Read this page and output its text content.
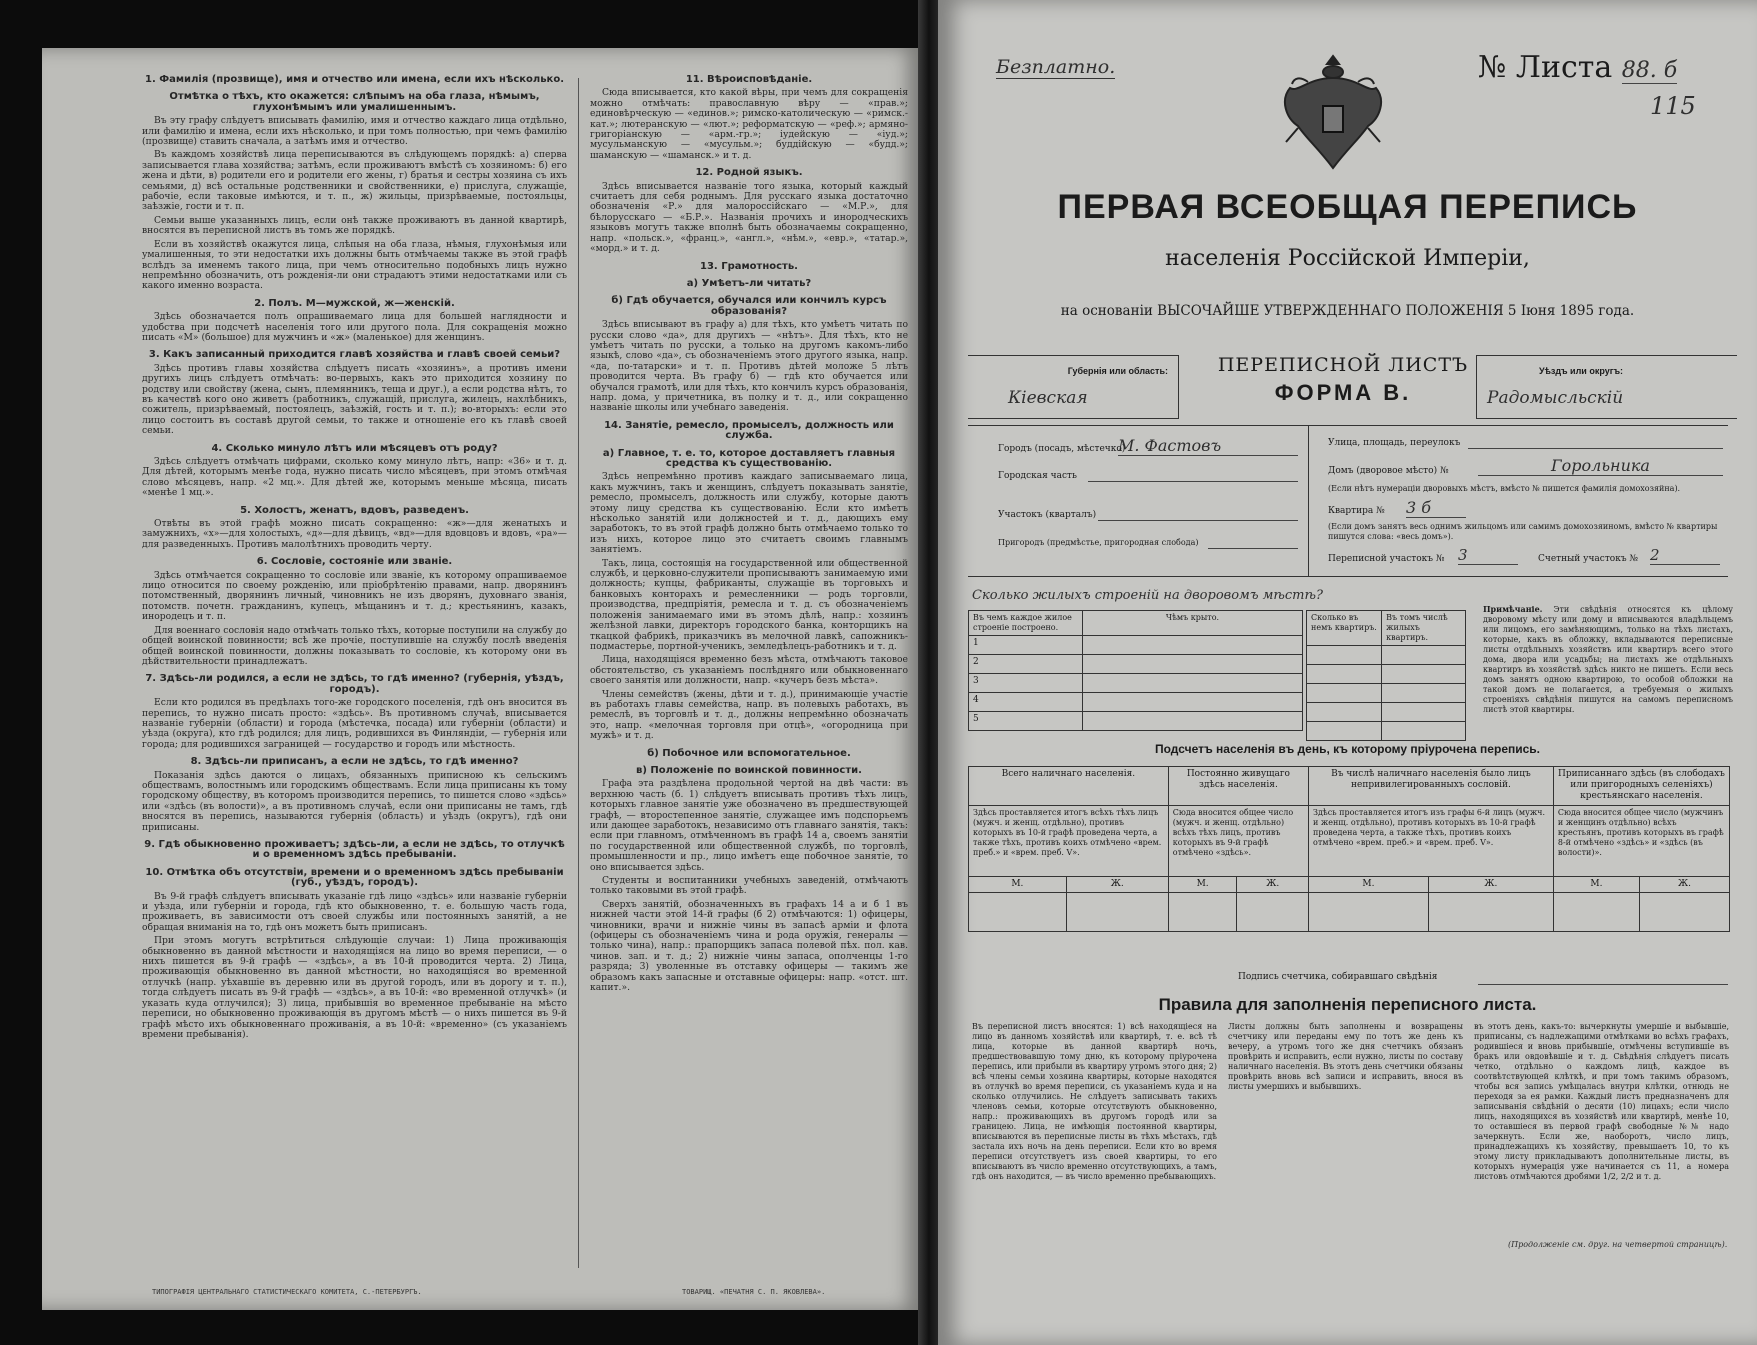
1. Фамилія (прозвище), имя и отчество или имена, если ихъ нѣсколько.
Отмѣтка о тѣхъ, кто окажется: слѣпымъ на оба глаза, нѣмымъ, глухонѣмымъ или умалишеннымъ.

Въ эту графу слѣдуетъ вписывать фамилію, имя и отчество каждаго лица отдѣльно, или фамилію и имена, если ихъ нѣсколько, и при томъ полностью, при чемъ фамилію (прозвище) ставить сначала, а затѣмъ имя и отчество.

Въ каждомъ хозяйствѣ лица переписываются въ слѣдующемъ порядкѣ: а) сперва записывается глава хозяйства; затѣмъ, если проживаютъ вмѣстѣ съ хозяиномъ: б) его жена и дѣти, в) родители его и родители его жены, г) братья и сестры хозяина съ ихъ семьями, д) всѣ остальные родственники и свойственники, е) прислуга, служащіе, рабочіе, если таковые имѣются, и т. п., ж) жильцы, призрѣваемые, постояльцы, заѣзжіе, гости и т. п.

Семьи выше указанныхъ лицъ, если онѣ также проживаютъ въ данной квартирѣ, вносятся въ переписной листъ въ томъ же порядкѣ.

Если въ хозяйствѣ окажутся лица, слѣпыя на оба глаза, нѣмыя, глухонѣмыя или умалишенныя, то эти недостатки ихъ должны быть отмѣчаемы также въ этой графѣ вслѣдъ за именемъ такого лица, при чемъ относительно подобныхъ лицъ нужно непремѣнно обозначить, отъ рожденія-ли они страдаютъ этими недостатками или съ какого именно возраста.

2. Полъ. М—мужской, ж—женскій.

Здѣсь обозначается полъ опрашиваемаго лица для большей наглядности и удобства при подсчетѣ населенія того или другого пола. Для сокращенія можно писать «М» (большое) для мужчинъ и «ж» (маленькое) для женщинъ.

3. Какъ записанный приходится главѣ хозяйства и главѣ своей семьи?

Здѣсь противъ главы хозяйства слѣдуетъ писать «хозяинъ», а противъ имени другихъ лицъ слѣдуетъ отмѣчать: во-первыхъ, какъ это приходится хозяину по родству или свойству (жена, сынъ, племянникъ, теща и друг.), а если родства нѣтъ, то въ качествѣ кого оно живетъ (работникъ, служащій, прислуга, жилецъ, нахлѣбникъ, сожитель, призрѣваемый, постоялецъ, заѣзжій, гость и т. п.); во-вторыхъ: если это лицо состоитъ въ составѣ другой семьи, то также и отношеніе его къ главѣ своей семьи.

4. Сколько минуло лѣтъ или мѣсяцевъ отъ роду?

Здѣсь слѣдуетъ отмѣчать цифрами, сколько кому минуло лѣтъ, напр: «36» и т. д. Для дѣтей, которымъ менѣе года, нужно писать число мѣсяцевъ, при этомъ отмѣчая слово мѣсяцевъ, напр. «2 мц.». Для дѣтей же, которымъ меньше мѣсяца, писать «менѣе 1 мц.».

5. Холостъ, женатъ, вдовъ, разведенъ.

Отвѣты въ этой графѣ можно писать сокращенно: «ж»—для женатыхъ и замужнихъ, «х»—для холостыхъ, «д»—для дѣвицъ, «вд»—для вдовцовъ и вдовъ, «ра»—для разведенныхъ. Противъ малолѣтнихъ проводить черту.

6. Сословіе, состояніе или званіе.

Здѣсь отмѣчается сокращенно то сословіе или званіе, къ которому опрашиваемое лицо относится по своему рожденію, или пріобрѣтенію правами, напр. дворянинъ потомственный, дворянинъ личный, чиновникъ не изъ дворянъ, духовнаго званія, потомств. почетн. гражданинъ, купецъ, мѣщанинъ и т. д.; крестьянинъ, казакъ, инородецъ и т. п.

Для военнаго сословія надо отмѣчать только тѣхъ, которые поступили на службу до общей воинской повинности; всѣ же прочіе, поступившіе на службу послѣ введенія общей воинской повинности, должны показывать то сословіе, къ которому они въ дѣйствительности принадлежатъ.

7. Здѣсь-ли родился, а если не здѣсь, то гдѣ именно? (губернія, уѣздъ, городъ).

Если кто родился въ предѣлахъ того-же городского поселенія, гдѣ онъ вносится въ перепись, то нужно писать просто: «здѣсь». Въ противномъ случаѣ, вписывается названіе губерніи (области) и города (мѣстечка, посада) или губерніи (области) и уѣзда (округа), кто гдѣ родился; для лицъ, родившихся въ Финляндіи, — губернія или города; для родившихся заграницей — государство и городъ или мѣстность.

8. Здѣсь-ли приписанъ, а если не здѣсь, то гдѣ именно?

Показанія здѣсь даются о лицахъ, обязанныхъ приписною къ сельскимъ обществамъ, волостнымъ или городскимъ обществамъ. Если лица приписаны къ тому городскому обществу, въ которомъ производится перепись, то пишется слово «здѣсь» или «здѣсь (въ волости)», а въ противномъ случаѣ, если они приписаны не тамъ, гдѣ вносятся въ перепись, называются губернія (область) и уѣздъ (округъ), гдѣ они приписаны.

9. Гдѣ обыкновенно проживаетъ; здѣсь-ли, а если не здѣсь, то отлучкѣ и о временномъ здѣсь пребываніи.
10. Отмѣтка объ отсутствіи, времени и о временномъ здѣсь пребываніи (губ., уѣздъ, городъ).

Въ 9-й графѣ слѣдуетъ вписывать указаніе гдѣ лицо «здѣсь» или названіе губерніи и уѣзда, или губерніи и города, гдѣ кто обыкновенно, т. е. большую часть года, проживаетъ, въ зависимости отъ своей службы или постоянныхъ занятій, а не обращая вниманія на то, гдѣ онъ можетъ быть приписанъ.

При этомъ могутъ встрѣтиться слѣдующіе случаи: 1) Лица проживающія обыкновенно въ данной мѣстности и находящіяся на лицо во время переписи, — о нихъ пишется въ 9-й графѣ — «здѣсь», а въ 10-й проводится черта. 2) Лица, проживающія обыкновенно въ данной мѣстности, но находящіяся во временной отлучкѣ (напр. уѣхавшіе въ деревню или въ другой городъ, или въ дорогу и т. п.), тогда слѣдуетъ писать въ 9-й графѣ — «здѣсь», а въ 10-й: «во временной отлучкѣ» (и указать куда отлучился); 3) лица, прибывшія во временное пребываніе на мѣсто переписи, но обыкновенно проживающія въ другомъ мѣстѣ — о нихъ пишется въ 9-й графѣ мѣсто ихъ обыкновеннаго проживанія, а въ 10-й: «временно» (съ указаніемъ времени пребыванія).

11. Вѣроисповѣданіе.

Сюда вписывается, кто какой вѣры, при чемъ для сокращенія можно отмѣчать: православную вѣру — «прав.»; единовѣрческую — «единов.»; римско-католическую — «римск.-кат.»; лютеранскую — «лют.»; реформатскую — «реф.»; армяно-григоріанскую — «арм.-гр.»; іудейскую — «іуд.»; мусульманскую — «мусульм.»; буддійскую — «будд.»; шаманскую — «шаманск.» и т. д.

12. Родной языкъ.

Здѣсь вписывается названіе того языка, который каждый считаетъ для себя роднымъ. Для русскаго языка достаточно обозначенія «Р.» для малороссійскаго — «М.Р.», для бѣлорусскаго — «Б.Р.». Названія прочихъ и инородческихъ языковъ могутъ также вполнѣ быть обозначаемы сокращенно, напр. «польск.», «франц.», «англ.», «нѣм.», «евр.», «татар.», «морд.» и т. д.

13. Грамотность.
а) Умѣетъ-ли читать?
б) Гдѣ обучается, обучался или кончилъ курсъ образованія?

Здѣсь вписывают въ графу а) для тѣхъ, кто умѣетъ читать по русски слово «да», для другихъ — «нѣтъ». Для тѣхъ, кто не умѣетъ читать по русски, а только на другомъ какомъ-либо языкѣ, слово «да», съ обозначеніемъ этого другого языка, напр. «да, по-татарски» и т. п. Противъ дѣтей моложе 5 лѣтъ проводится черта. Въ графу б) — гдѣ кто обучается или обучался грамотѣ, или для тѣхъ, кто кончилъ курсъ образованія, напр. дома, у причетника, въ полку и т. д., или сокращенно названіе школы или учебнаго заведенія.

14. Занятіе, ремесло, промыселъ, должность или служба.
а) Главное, т. е. то, которое доставляетъ главныя средства къ существованію.

Здѣсь непремѣнно противъ каждаго записываемаго лица, какъ мужчинъ, такъ и женщинъ, слѣдуетъ показывать занятіе, ремесло, промыселъ, должность или службу, которые даютъ этому лицу средства къ существованію. Если кто имѣетъ нѣсколько занятій или должностей и т. д., дающихъ ему заработокъ, то въ этой графѣ должно быть отмѣчаемо только то изъ нихъ, которое лицо это считаетъ своимъ главнымъ занятіемъ.

Такъ, лица, состоящія на государственной или общественной службѣ, и церковно-служители прописываютъ занимаемую ими должность; купцы, фабриканты, служащіе въ торговыхъ и банковыхъ конторахъ и ремесленники — родъ торговли, производства, предпріятія, ремесла и т. д. съ обозначеніемъ положенія занимаемаго ими въ этомъ дѣлѣ, напр.: хозяинъ желѣзной лавки, директоръ городского банка, конторщикъ на ткацкой фабрикѣ, приказчикъ въ мелочной лавкѣ, сапожникъ-подмастерье, портной-ученикъ, земледѣлецъ-работникъ и т. д.

Лица, находящіяся временно безъ мѣста, отмѣчаютъ таковое обстоятельство, съ указаніемъ послѣдняго или обыкновеннаго своего занятія или должности, напр. «кучеръ безъ мѣста».

Члены семействъ (жены, дѣти и т. д.), принимающіе участіе въ работахъ главы семейства, напр. въ полевыхъ работахъ, въ ремеслѣ, въ торговлѣ и т. д., должны непремѣнно обозначать это, напр. «мелочная торговля при отцѣ», «огородница при мужѣ» и т. д.

б) Побочное или вспомогательное.
в) Положеніе по воинской повинности.

Графа эта раздѣлена продольной чертой на двѣ части: въ верхнюю часть (б. 1) слѣдуетъ вписывать противъ тѣхъ лицъ, которыхъ главное занятіе уже обозначено въ предшествующей графѣ, — второстепенное занятіе, служащее имъ подспорьемъ или дающее заработокъ, независимо отъ главнаго занятія, такъ: если при главномъ, отмѣченномъ въ графѣ 14 а, своемъ занятіи по государственной или общественной службѣ, по торговлѣ, промышленности и пр., лицо имѣетъ еще побочное занятіе, то оно вписывается здѣсь.

Студенты и воспитанники учебныхъ заведеній, отмѣчаютъ только таковыми въ этой графѣ.

Сверхъ занятій, обозначенныхъ въ графахъ 14 а и б 1 въ нижней части этой 14-й графы (б 2) отмѣчаются: 1) офицеры, чиновники, врачи и нижніе чины въ запасѣ арміи и флота (офицеры съ обозначеніемъ чина и рода оружія, генералы — только чина), напр.: прапорщикъ запаса полевой пѣх. пол. кав. чинов. зап. и т. д.; 2) нижніе чины запаса, ополченцы 1-го разряда; 3) уволенные въ отставку офицеры — такимъ же образомъ какъ запасные и отставные офицеры: напр. «отст. шт. капит.».

ТИПОГРАФІЯ ЦЕНТРАЛЬНАГО СТАТИСТИЧЕСКАГО КОМИТЕТА, С.-ПЕТЕРБУРГЪ.	ТОВАРИЩ. «ПЕЧАТНЯ С. П. ЯКОВЛЕВА».
Безплатно.	№ Листа 88. б
115
ПЕРВАЯ ВСЕОБЩАЯ ПЕРЕПИСЬ
населенія Россійской Имперіи,
на основаніи ВЫСОЧАЙШЕ УТВЕРЖДЕННАГО ПОЛОЖЕНІЯ 5 Іюня 1895 года.
Губернія или область:
Кіевская
ПЕРЕПИСНОЙ ЛИСТЪ
ФОРМА В.
Уѣздъ или округъ:
Радомысльскій
Городъ (посадъ, мѣстечко)
М. Фастовъ
Городская часть
Участокъ (кварталъ)
Пригородъ (предмѣстье, пригородная слобода)
Улица, площадь, переулокъ
Домъ (дворовое мѣсто) №	Горольника
(Если нѣтъ нумераціи дворовыхъ мѣстъ, вмѣсто № пишется фамилія домохозяйна).
Квартира № 3 б
(Если домъ занятъ весь однимъ жильцомъ или самимъ домохозяиномъ, вмѣсто № квартиры пишутся слова: «весь домъ»).
Переписной участокъ № 3	Счетный участокъ № 2
Сколько жилыхъ строеній на дворовомъ мѣстѣ?
Въ чемъ каждое жилое строеніе построено.	Чѣмъ крыто.
1	
2	
3	
4	
5	
Сколько въ немъ квартиръ.	Въ томъ числѣ жилыхъ квартиръ.

Примѣчаніе. Эти свѣдѣнія относятся къ цѣлому дворовому мѣсту или дому и вписываются владѣльцемъ или лицомъ, его замѣняющимъ, только на тѣхъ листахъ, которые, какъ въ обложку, вкладываются переписные листы отдѣльныхъ хозяйствъ или квартиръ всего этого дома, двора или усадьбы; на листахъ же отдѣльныхъ квартиръ въ хозяйствѣ здѣсь никто не пишетъ. Если весь домъ занятъ одною квартирою, то особой обложки на такой домъ не полагается, а требуемыя о жилыхъ строеніяхъ свѣдѣнія пишутся на самомъ переписномъ листѣ этой квартиры.
Подсчетъ населенія въ день, къ которому пріурочена перепись.
Всего наличнаго населенія.		Постоянно живущаго здѣсь населенія.		Въ числѣ наличнаго населенія было лицъ непривилегированныхъ сословій.		Приписаннаго здѣсь (въ слободахъ или пригородныхъ селеніяхъ) крестьянскаго населенія.	
Здѣсь проставляется итогъ всѣхъ тѣхъ лицъ (мужч. и женщ. отдѣльно), противъ которыхъ въ 10-й графѣ проведена черта, а также тѣхъ, противъ коихъ отмѣчено «врем. преб.» и «врем. преб. V».		Сюда вносится общее число (мужч. и женщ. отдѣльно) всѣхъ тѣхъ лицъ, противъ которыхъ въ 9-й графѣ отмѣчено «здѣсь».		Здѣсь проставляется итогъ изъ графы 6-й лицъ (мужч. и женщ. отдѣльно), противъ которыхъ въ 10-й графѣ проведена черта, а также тѣхъ, противъ коихъ отмѣчено «врем. преб.» и «врем. преб. V».		Сюда вносится общее число (мужчинъ и женщинъ отдѣльно) всѣхъ крестьянъ, противъ которыхъ въ графѣ 8-й отмѣчено «здѣсь» и «здѣсь (въ волости)».	
М.	Ж.	М.	Ж.	М.	Ж.	М.	Ж.

Подпись счетчика, собиравшаго свѣдѣнія
Правила для заполненія переписного листа.
Въ переписной листъ вносятся: 1) всѣ находящіеся на лицо въ данномъ хозяйствѣ или квартирѣ, т. е. всѣ тѣ лица, которые въ данной квартирѣ ночь, предшествовавшую тому дню, къ которому пріурочена перепись, или прибыли въ квартиру утромъ этого дня; 2) всѣ члены семьи хозяина квартиры, которые находятся въ отлучкѣ во время переписи, съ указаніемъ куда и на сколько отлучились. Не слѣдуетъ записывать такихъ членовъ семьи, которые отсутствуютъ обыкновенно, напр.: проживающихъ въ другомъ городѣ или за границею. Лица, не имѣющія постоянной квартиры, вписываются въ переписные листы въ тѣхъ мѣстахъ, гдѣ застала ихъ ночь на день переписи. Если кто во время переписи отсутствуетъ изъ своей квартиры, то его вписываютъ въ число временно отсутствующихъ, а тамъ, гдѣ онъ находится, — въ число временно пребывающихъ.
Листы должны быть заполнены и возвращены счетчику или переданы ему по тотъ же день къ вечеру, а утромъ того же дня счетчикъ обязанъ провѣрить и исправить, если нужно, листы по составу наличнаго населенія. Въ этотъ день счетчики обязаны провѣрить вновь всѣ записи и исправить, внося въ листы умершихъ и выбывшихъ.
въ этотъ день, какъ-то: вычеркнуты умершіе и выбывшіе, приписаны, съ надлежащими отмѣтками во всѣхъ графахъ, родившіеся и вновь прибывшіе, отмѣчены вступившіе въ бракъ или овдовѣвшіе и т. д. Свѣдѣнія слѣдуетъ писать четко, отдѣльно о каждомъ лицѣ, каждое въ соотвѣтствующей клѣткѣ, и при томъ такимъ образомъ, чтобы вся запись умѣщалась внутри клѣтки, отнюдь не переходя за ея рамки. Каждый листъ предназначенъ для записыванія свѣдѣній о десяти (10) лицахъ; если число лицъ, находящихся въ хозяйствѣ или квартирѣ, менѣе 10, то оставшіеся въ первой графѣ свободные №№ надо зачеркнуть. Если же, наоборотъ, число лицъ, принадлежащихъ къ хозяйству, превышаетъ 10, то къ этому листу прикладываютъ дополнительные листы, въ которыхъ нумерація уже начинается съ 11, а номера листовъ отмѣчаются дробями 1/2, 2/2 и т. д.
(Продолженіе см. друг. на четвертой страницѣ).
